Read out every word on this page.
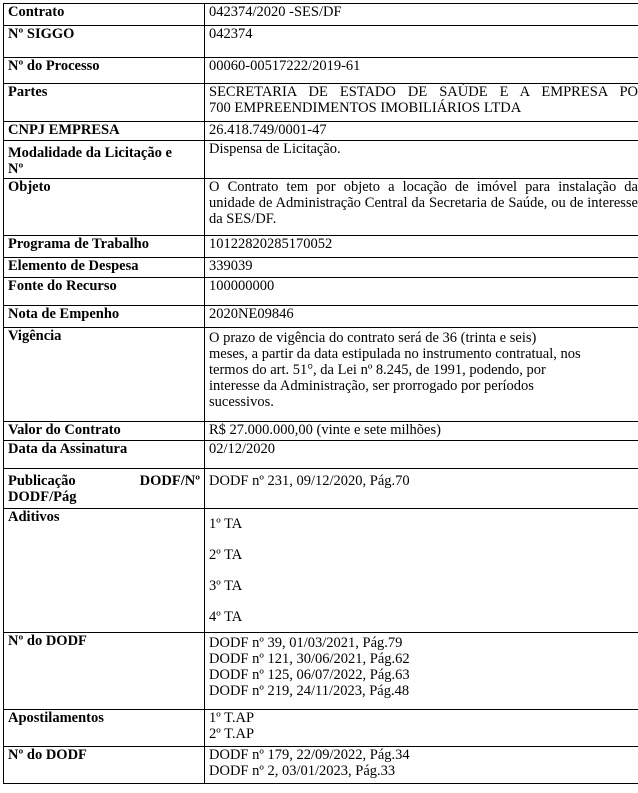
Contrato	042374/2020 -SES/DF
Nº SIGGO	042374
Nº do Processo	00060-00517222/2019-61
Partes	SECRETARIA DE ESTADO DE SAÚDE E A EMPRESA PO
700 EMPREENDIMENTOS IMOBILIÁRIOS LTDA

CNPJ EMPRESA	26.418.749/0001-47

Modalidade da Licitação e
Nº	Dispensa de Licitação.
Objeto	O Contrato tem por objeto a locação de imóvel para instalação da unidade de Administração Central da Secretaria de Saúde, ou de interesse da SES/DF.
Programa de Trabalho	10122820285170052
Elemento de Despesa	339039
Fonte do Recurso	100000000
Nota de Empenho	2020NE09846
Vigência	O prazo de vigência do contrato será de 36 (trinta e seis)
meses, a partir da data estipulada no instrumento contratual, nos
termos do art. 51°, da Lei nº 8.245, de 1991, podendo, por
interesse da Administração, ser prorrogado por períodos
sucessivos.

Valor do Contrato	R$ 27.000.000,00 (vinte e sete milhões)
Data da Assinatura	02/12/2020

Publicação DODF/Nº
DODF/Pág	DODF nº 231, 09/12/2020, Pág.70
Aditivos	1º TA
2º TA
3º TA
4º TA

Nº do DODF	DODF nº 39, 01/03/2021, Pág.79
DODF nº 121, 30/06/2021, Pág.62
DODF nº 125, 06/07/2022, Pág.63
DODF nº 219, 24/11/2023, Pág.48

Apostilamentos	1º T.AP
2º T.AP

Nº do DODF	DODF nº 179, 22/09/2022, Pág.34
DODF nº 2, 03/01/2023, Pág.33
